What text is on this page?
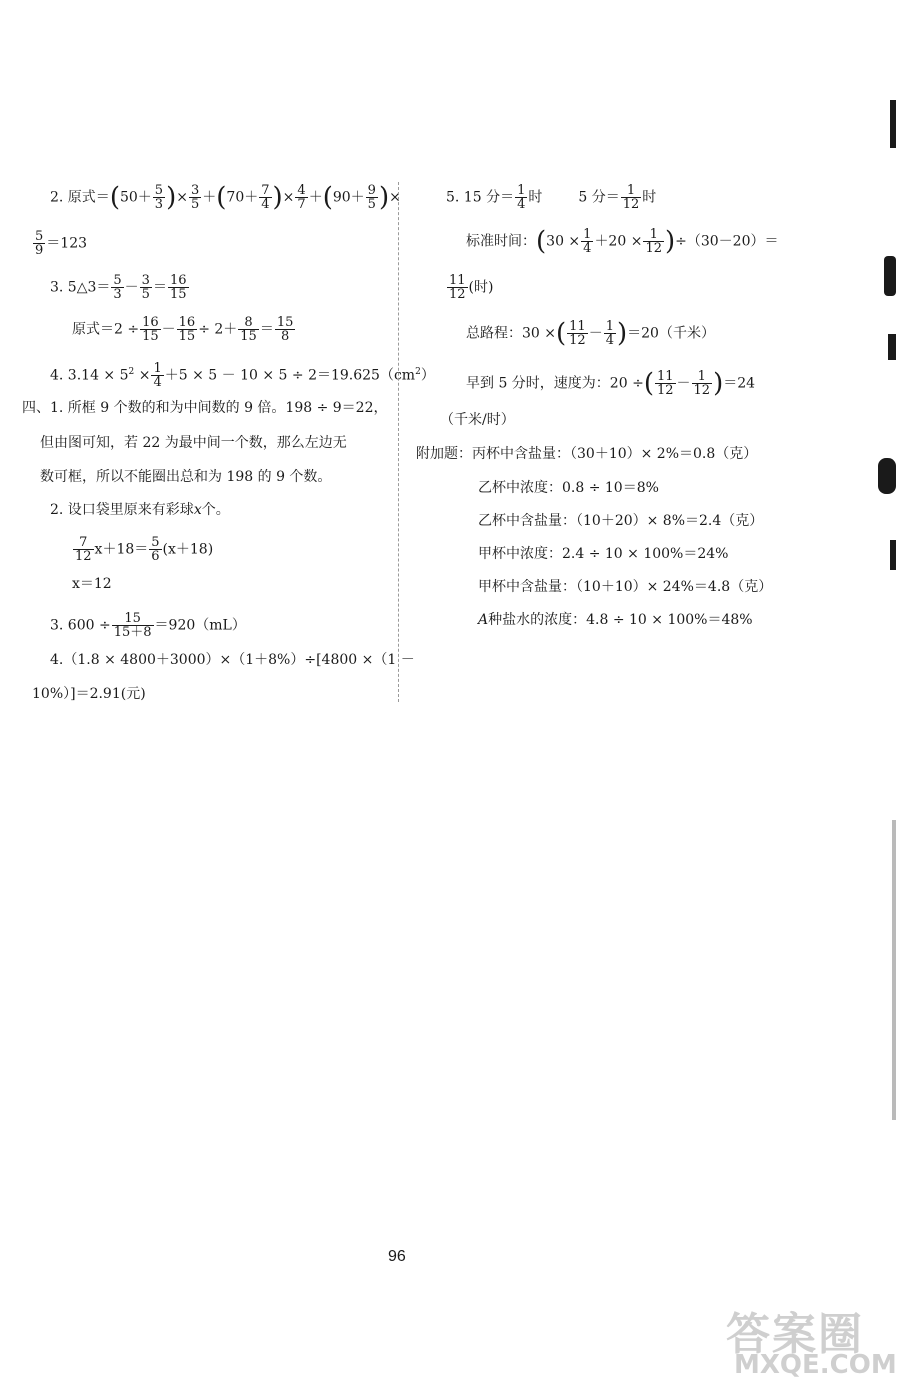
2. 原式$=(50+ \frac{5}{3}$ )× $\frac{3}{5} +(70+ \frac{7}{4}$ )× $\frac{4}{7} +(90+ \frac{9}{5}$ )×
$\frac{5}{9} =123$
3. 5△3＝ $\frac{5}{3} - \frac{3}{5} = \frac{16}{15}$
原式$=2 \div \frac{16}{15} - \frac{16}{15} \div 2+ \frac{8}{15} = \frac{15}{8}$
4. $3.14 \times 5^2 \times \frac{1}{4} +5 \times 5 - 10 \times 5 \div 2=19.625(cm^2)$
四、1. 所框 9 个数的和为中间数的 9 倍。198 ÷ 9＝22，
但由图可知，若 22 为最中间一个数，那么左边无
数可框，所以不能圈出总和为 198 的 9 个数。
2. 设口袋里原来有彩球x个。
$\frac{7}{12} x+18= \frac{5}{6} (x+18)$
x＝12
3. $600 \div \frac{15}{15+8} =920(mL)$
4.（1.8 × 4800＋3000）×（1＋8%）÷[4800 ×（1 －
10%）]＝2.91(元)
5. 15 分＝ $\frac{1}{4}$ 时	5 分＝ $\frac{1}{12}$ 时
标准时间：$(30 \times \frac{1}{4} +20 \times \frac{1}{12} )\div(30-20)=$
$\frac{11}{12}$ (时)
总路程：30 ×( $\frac{11}{12} - \frac{1}{4} )=20$（千米）
早到 5 分时，速度为：20 ÷( $\frac{11}{12} - \frac{1}{12} )=24$
（千米/时）
附加题：丙杯中含盐量：（30＋10）× 2%＝0.8（克）
乙杯中浓度：0.8 ÷ 10＝8%
乙杯中含盐量：（10＋20）× 8%＝2.4（克）
甲杯中浓度：2.4 ÷ 10 × 100%＝24%
甲杯中含盐量：（10＋10）× 24%＝4.8（克）
A种盐水的浓度：4.8 ÷ 10 × 100%＝48%
96
答案圈
MXQE.COM
